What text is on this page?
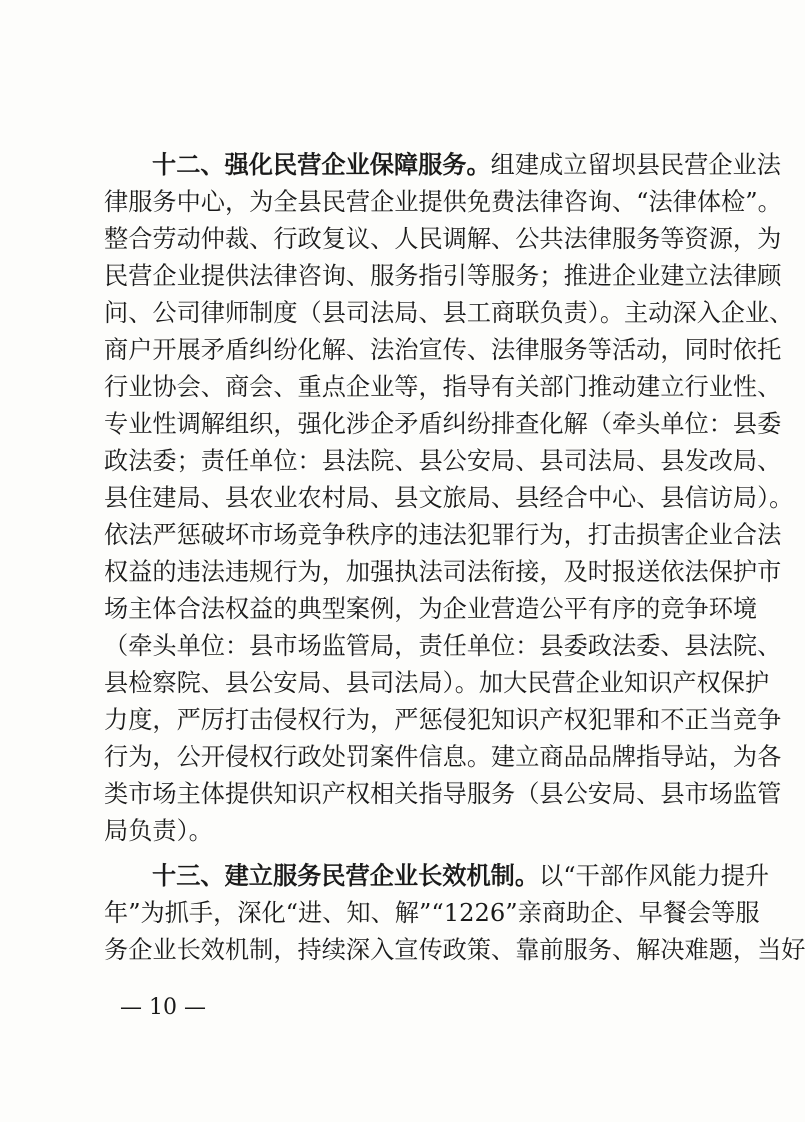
十二、强化民营企业保障服务。组建成立留坝县民营企业法
律服务中心，为全县民营企业提供免费法律咨询、“法律体检”。
整合劳动仲裁、行政复议、人民调解、公共法律服务等资源，为
民营企业提供法律咨询、服务指引等服务；推进企业建立法律顾
问、公司律师制度（县司法局、县工商联负责）。主动深入企业、
商户开展矛盾纠纷化解、法治宣传、法律服务等活动，同时依托
行业协会、商会、重点企业等，指导有关部门推动建立行业性、
专业性调解组织，强化涉企矛盾纠纷排查化解（牵头单位：县委
政法委；责任单位：县法院、县公安局、县司法局、县发改局、
县住建局、县农业农村局、县文旅局、县经合中心、县信访局）。
依法严惩破坏市场竞争秩序的违法犯罪行为，打击损害企业合法
权益的违法违规行为，加强执法司法衔接，及时报送依法保护市
场主体合法权益的典型案例，为企业营造公平有序的竞争环境
（牵头单位：县市场监管局，责任单位：县委政法委、县法院、
县检察院、县公安局、县司法局）。加大民营企业知识产权保护
力度，严厉打击侵权行为，严惩侵犯知识产权犯罪和不正当竞争
行为，公开侵权行政处罚案件信息。建立商品品牌指导站，为各
类市场主体提供知识产权相关指导服务（县公安局、县市场监管
局负责）。
十三、建立服务民营企业长效机制。以“干部作风能力提升
年”为抓手，深化“进、知、解”“1226”亲商助企、早餐会等服
务企业长效机制，持续深入宣传政策、靠前服务、解决难题，当好
— 10 —
